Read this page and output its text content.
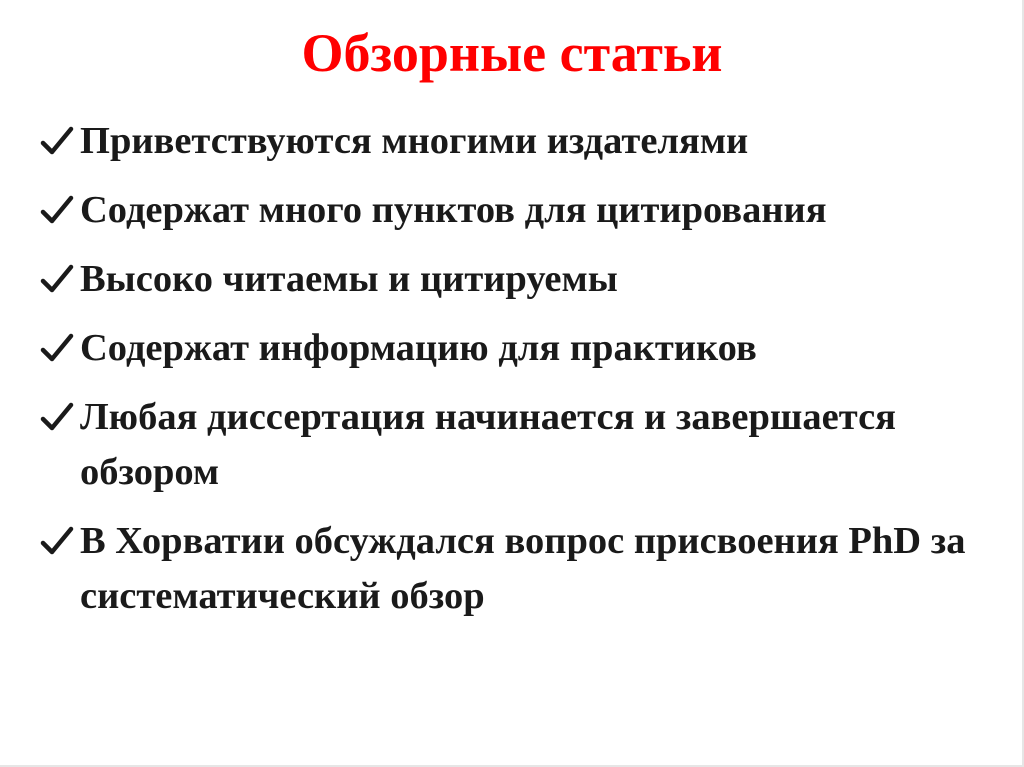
Обзорные статьи
Приветствуются многими издателями
Содержат много пунктов для цитирования
Высоко читаемы и цитируемы
Содержат информацию для практиков
Любая диссертация начинается и завершается обзором
В Хорватии обсуждался вопрос присвоения PhD за систематический обзор
